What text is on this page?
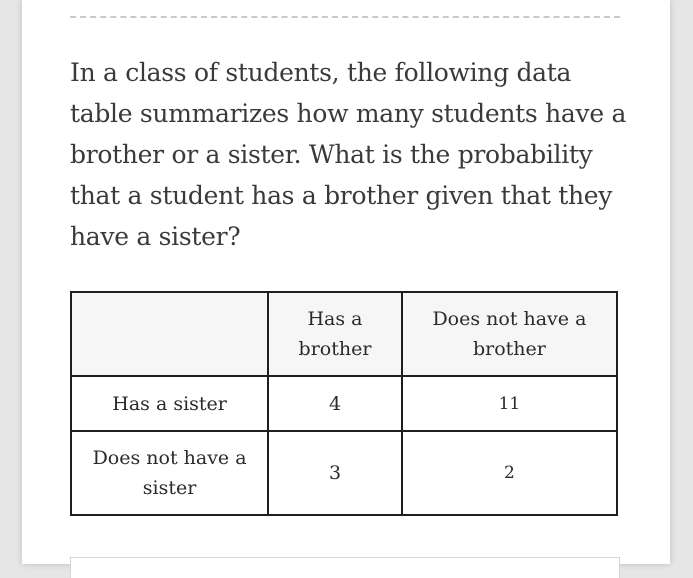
In a class of students, the following data table summarizes how many students have a brother or a sister. What is the probability that a student has a brother given that they have a sister?

	Has a brother	Does not have a brother
Has a sister	4	11
Does not have a sister	3	2
